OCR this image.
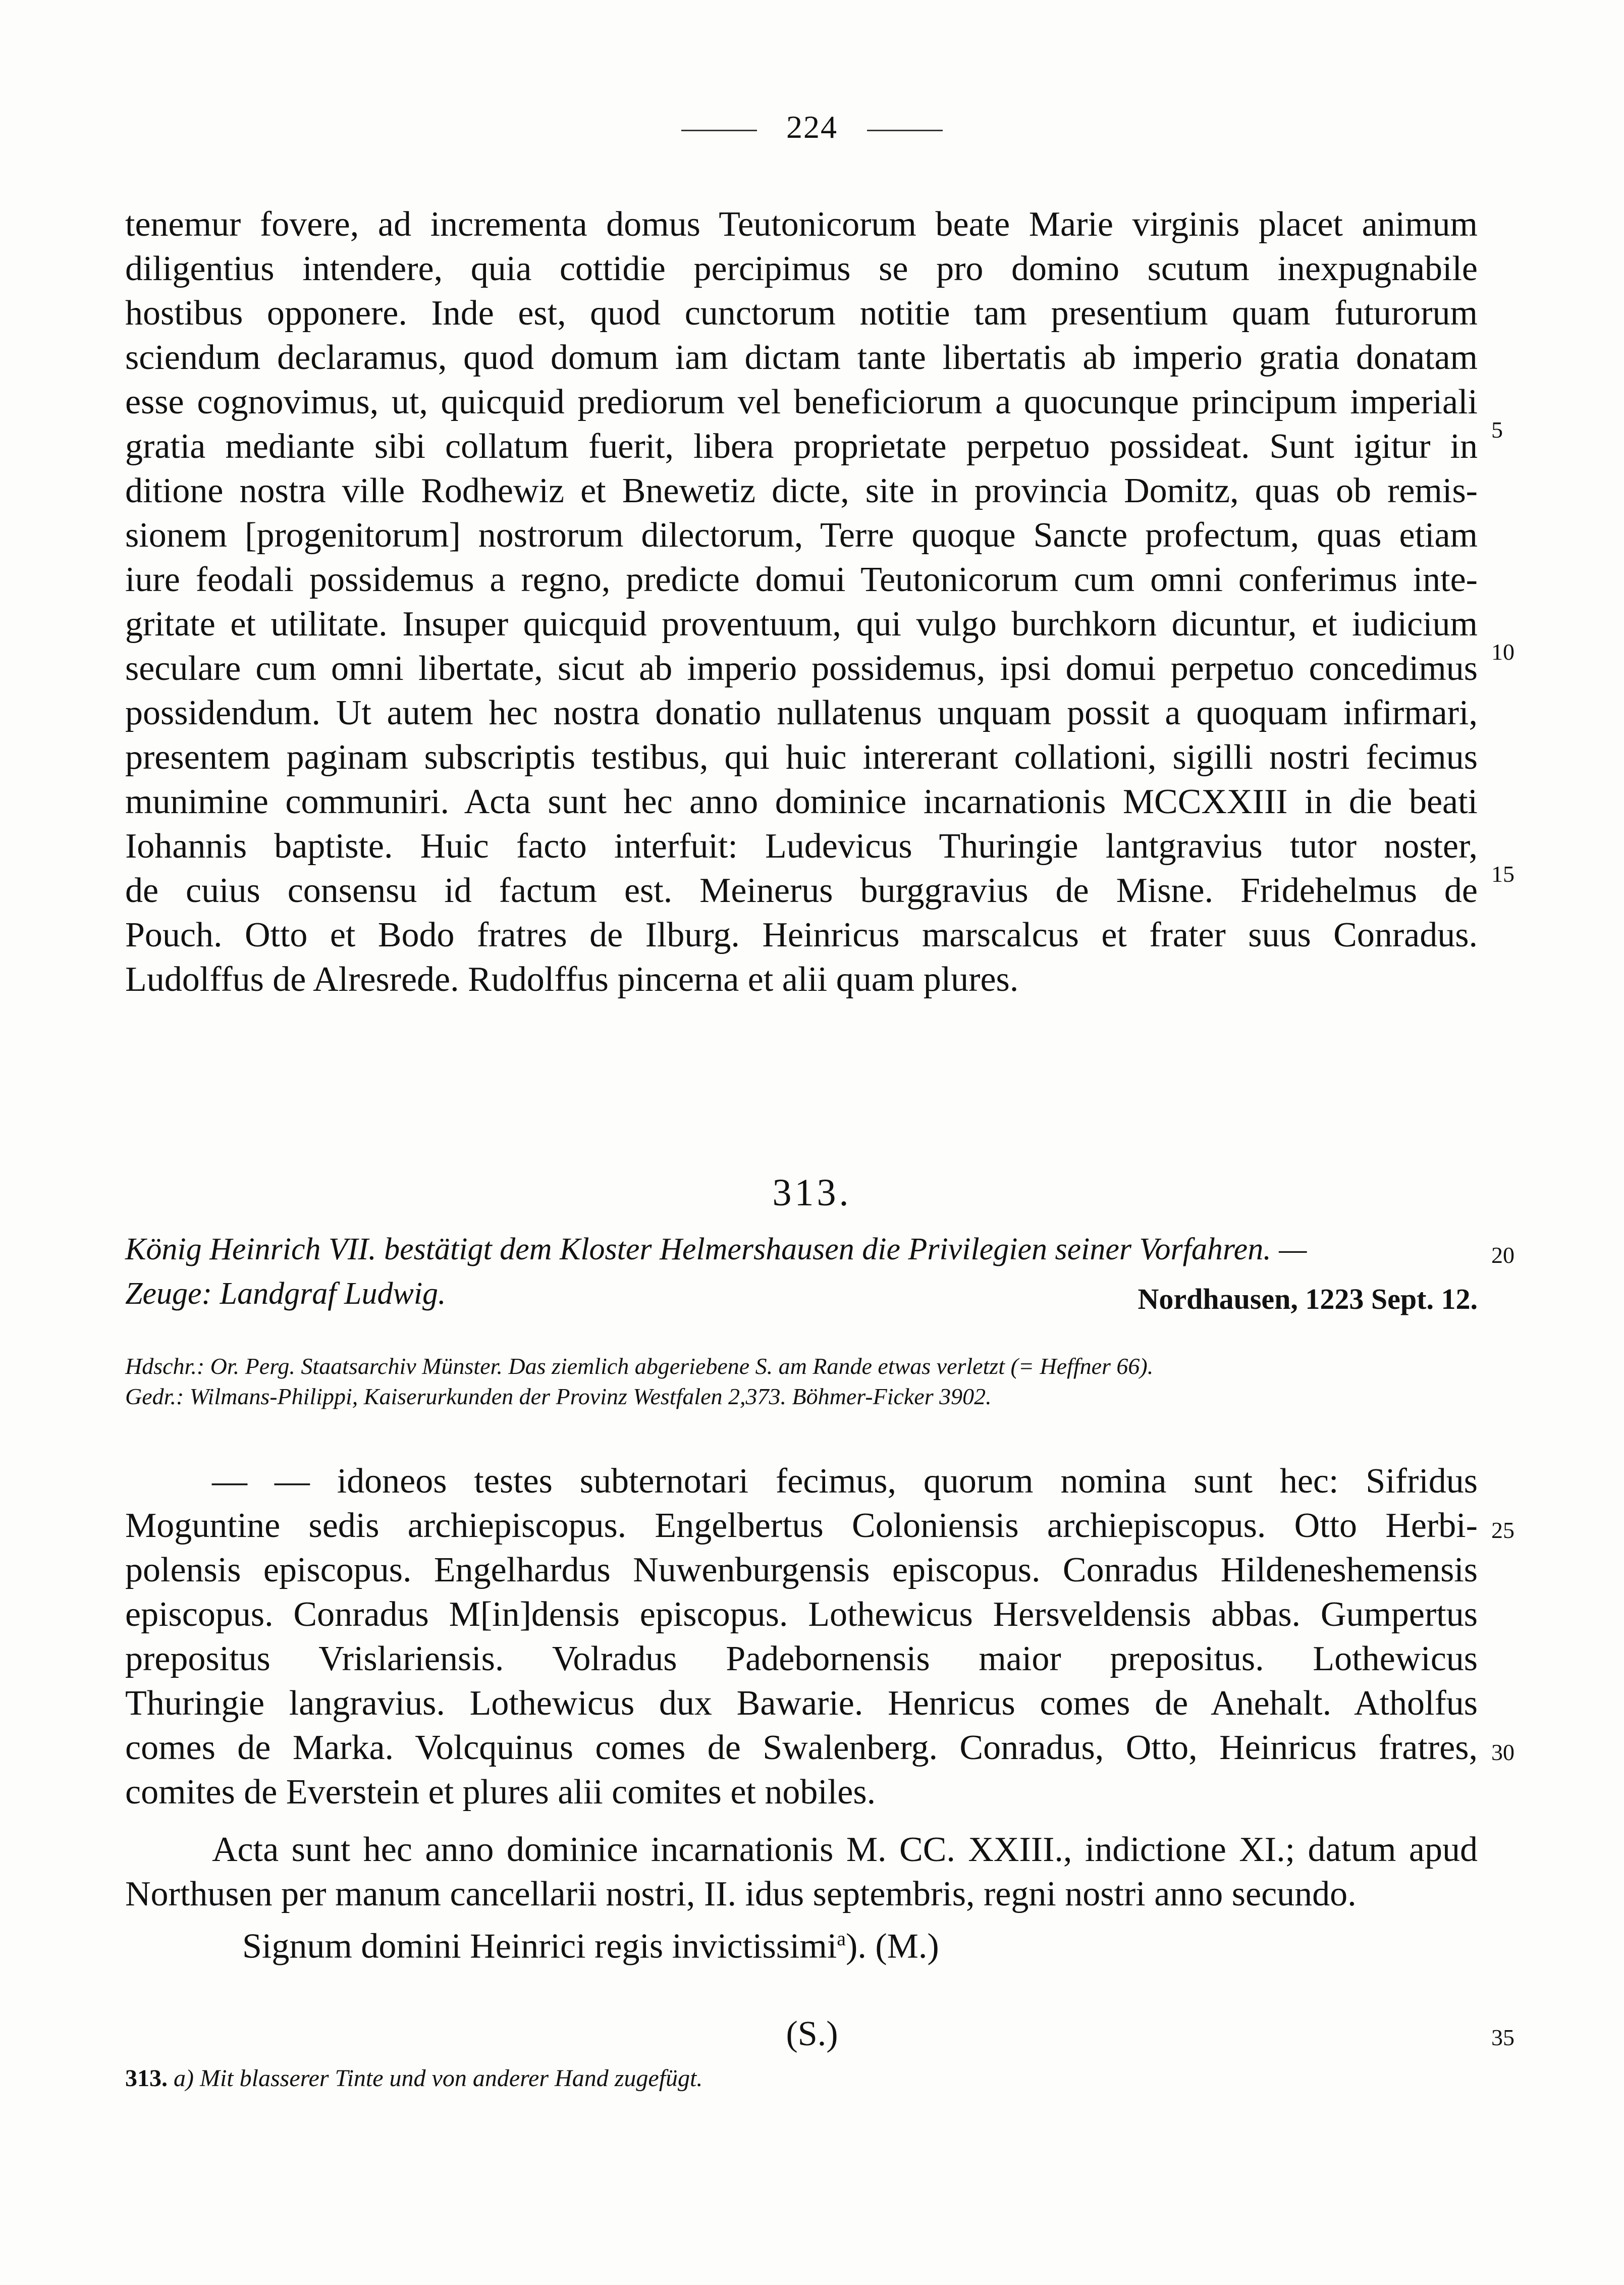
224
tenemur fovere, ad incrementa domus Teutonicorum beate Marie virginis placet animum
diligentius intendere, quia cottidie percipimus se pro domino scutum inexpugnabile
hostibus opponere. Inde est, quod cunctorum notitie tam presentium quam futurorum
sciendum declaramus, quod domum iam dictam tante libertatis ab imperio gratia donatam
esse cognovimus, ut, quicquid prediorum vel beneficiorum a quocunque principum imperiali
gratia mediante sibi collatum fuerit, libera proprietate perpetuo possideat. Sunt igitur in
ditione nostra ville Rodhewiz et Bnewetiz dicte, site in provincia Domitz, quas ob remis-
sionem [progenitorum] nostrorum dilectorum, Terre quoque Sancte profectum, quas etiam
iure feodali possidemus a regno, predicte domui Teutonicorum cum omni conferimus inte-
gritate et utilitate. Insuper quicquid proventuum, qui vulgo burchkorn dicuntur, et iudicium
seculare cum omni libertate, sicut ab imperio possidemus, ipsi domui perpetuo concedimus
possidendum. Ut autem hec nostra donatio nullatenus unquam possit a quoquam infirmari,
presentem paginam subscriptis testibus, qui huic intererant collationi, sigilli nostri fecimus
munimine communiri. Acta sunt hec anno dominice incarnationis MCCXXIII in die beati
Iohannis baptiste. Huic facto interfuit: Ludevicus Thuringie lantgravius tutor noster,
de cuius consensu id factum est. Meinerus burggravius de Misne. Fridehelmus de
Pouch. Otto et Bodo fratres de Ilburg. Heinricus marscalcus et frater suus Conradus.
Ludolffus de Alresrede. Rudolffus pincerna et alii quam plures.
5
10
15
313.
König Heinrich VII. bestätigt dem Kloster Helmershausen die Privilegien seiner Vorfahren. —	20
Zeuge: Landgraf Ludwig.	Nordhausen, 1223 Sept. 12.
Hdschr.: Or. Perg. Staatsarchiv Münster. Das ziemlich abgeriebene S. am Rande etwas verletzt (= Heffner 66).
Gedr.: Wilmans-Philippi, Kaiserurkunden der Provinz Westfalen 2,373. Böhmer-Ficker 3902.
— — idoneos testes subternotari fecimus, quorum nomina sunt hec: Sifridus
Moguntine sedis archiepiscopus. Engelbertus Coloniensis archiepiscopus. Otto Herbi-
polensis episcopus. Engelhardus Nuwenburgensis episcopus. Conradus Hildeneshemensis
episcopus. Conradus M[in]densis episcopus. Lothewicus Hersveldensis abbas. Gumpertus
prepositus Vrislariensis. Volradus Padebornensis maior prepositus. Lothewicus
Thuringie langravius. Lothewicus dux Bawarie. Henricus comes de Anehalt. Atholfus
comes de Marka. Volcquinus comes de Swalenberg. Conradus, Otto, Heinricus fratres,
comites de Everstein et plures alii comites et nobiles.
25
30
Acta sunt hec anno dominice incarnationis M. CC. XXIII., indictione XI.; datum apud
Northusen per manum cancellarii nostri, II. idus septembris, regni nostri anno secundo.
Signum domini Heinrici regis invictissimi$^a$). (M.)
(S.)	35
313. a) Mit blasserer Tinte und von anderer Hand zugefügt.
